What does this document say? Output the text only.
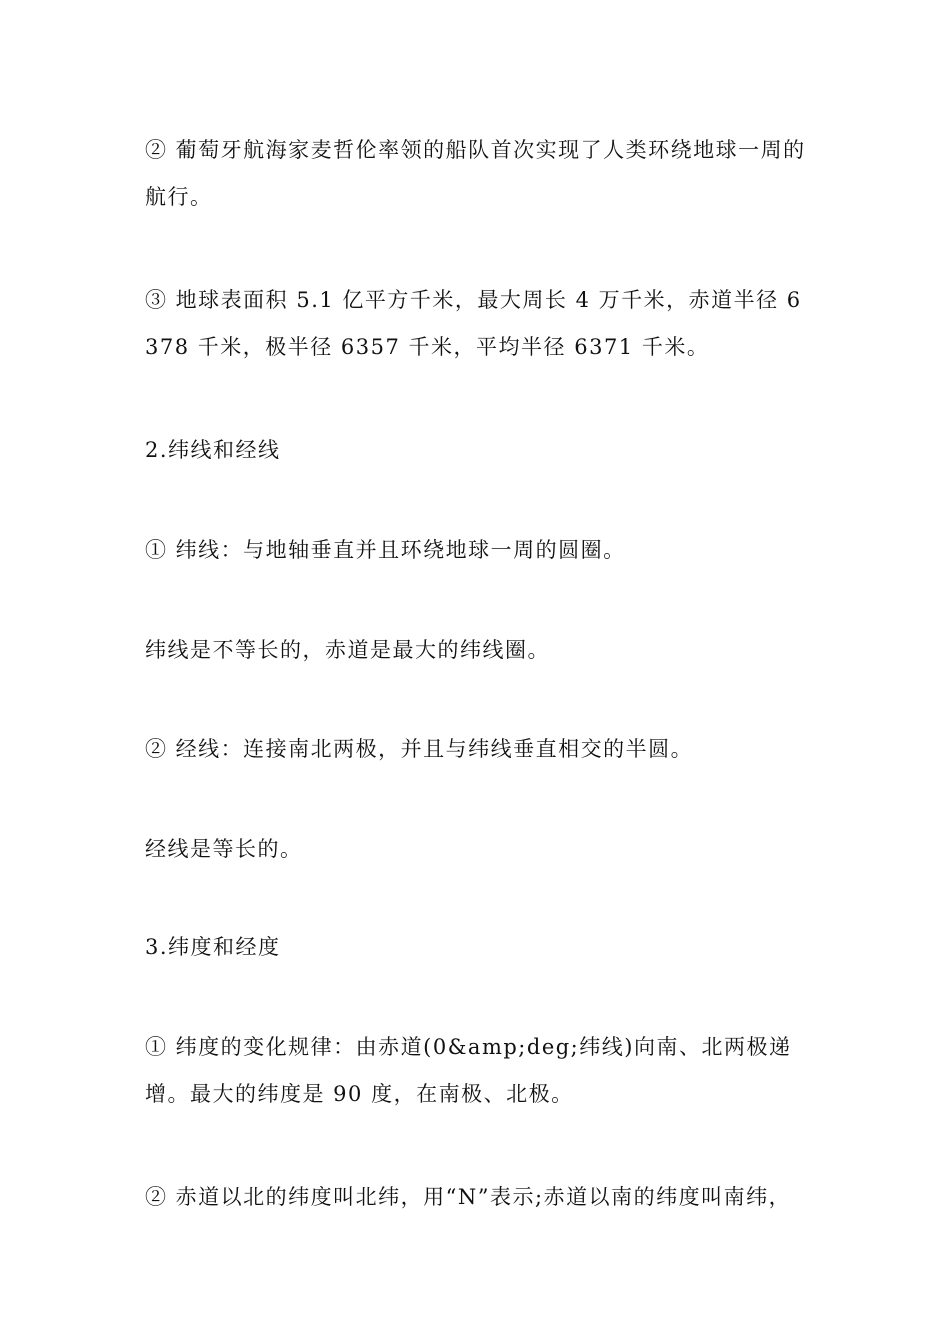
② 葡萄牙航海家麦哲伦率领的船队首次实现了人类环绕地球一周的航行。

③ 地球表面积 5.1 亿平方千米，最大周长 4 万千米，赤道半径 6378 千米，极半径 6357 千米，平均半径 6371 千米。

2.纬线和经线

① 纬线：与地轴垂直并且环绕地球一周的圆圈。

纬线是不等长的，赤道是最大的纬线圈。

② 经线：连接南北两极，并且与纬线垂直相交的半圆。

经线是等长的。

3.纬度和经度

① 纬度的变化规律：由赤道(0&amp;deg;纬线)向南、北两极递增。最大的纬度是 90 度，在南极、北极。

② 赤道以北的纬度叫北纬，用“N”表示;赤道以南的纬度叫南纬，
